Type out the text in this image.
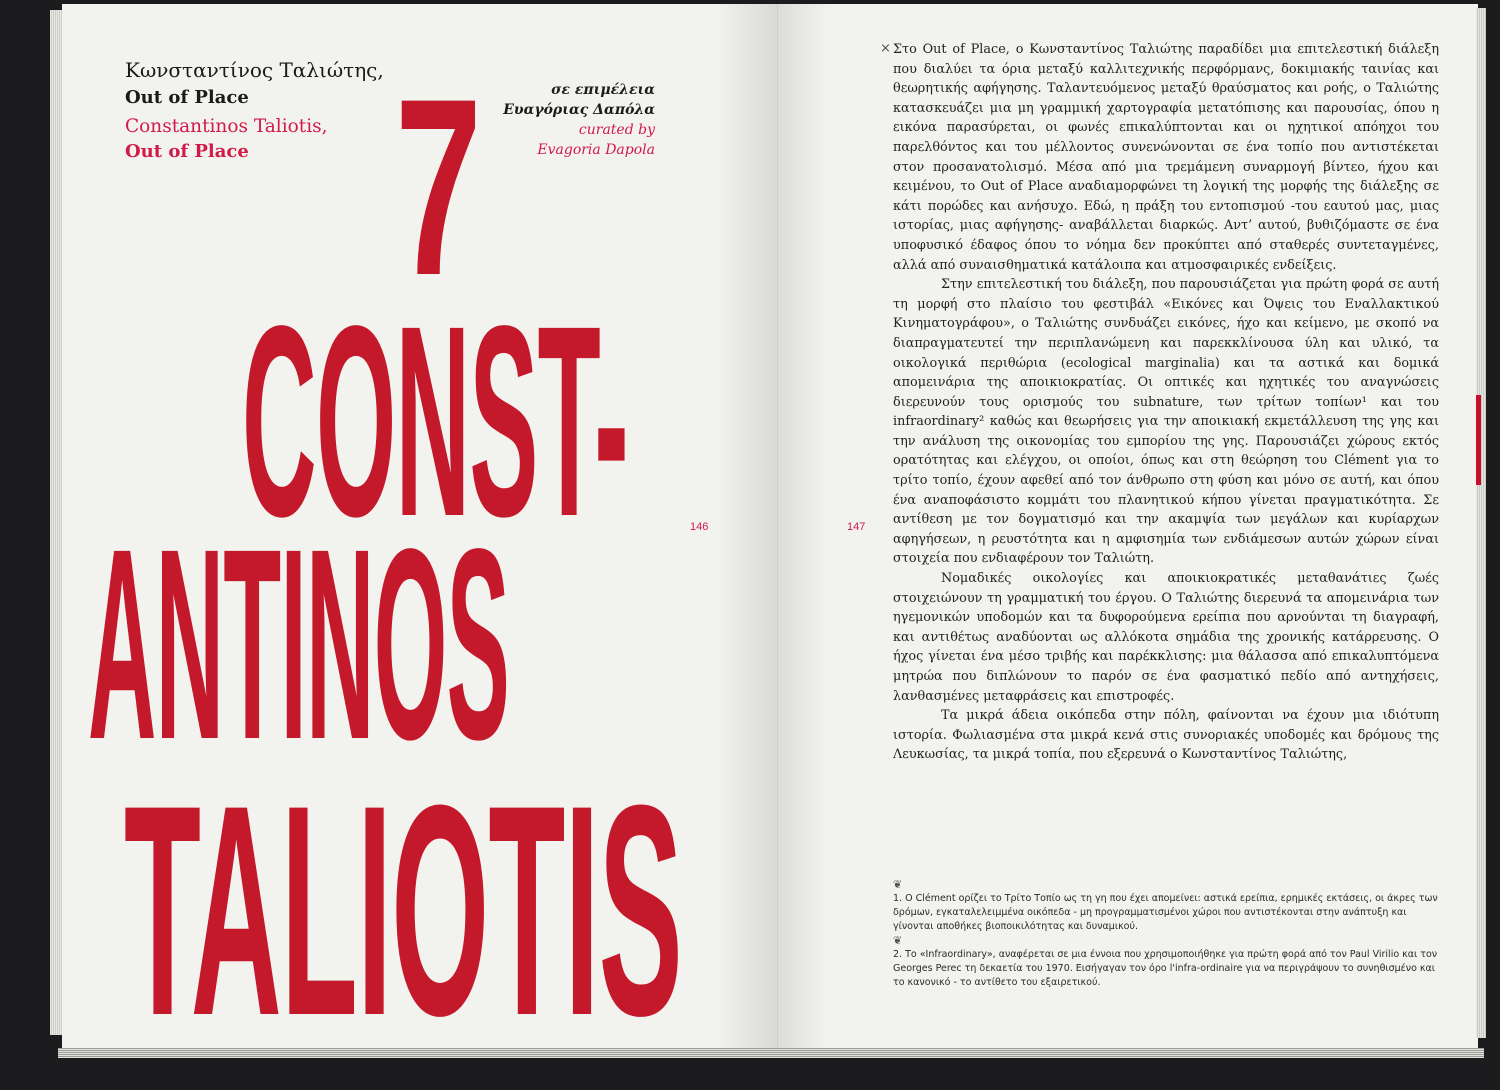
Κωνσταντίνος Ταλιώτης,
Out of Place
Constantinos Taliotis,
Out of Place
σε επιμέλεια
Ευαγόριας Δαπόλα
curated by
Evagoria Dapola
7
CONST-
ANTINOS
TALIOTIS
146	147
× Στο Out of Place, ο Κωνσταντίνος Ταλιώτης παραδίδει μια επιτελεστική διάλεξη που διαλύει τα όρια μεταξύ καλλιτεχνικής περφόρμανς, δοκιμιακής ταινίας και θεωρητικής αφήγησης. Ταλαντευόμενος μεταξύ θραύσματος και ροής, ο Ταλιώτης κατασκευάζει μια μη γραμμική χαρτογραφία μετατόπισης και παρουσίας, όπου η εικόνα παρασύρεται, οι φωνές επικαλύπτονται και οι ηχητικοί απόηχοι του παρελθόντος και του μέλλοντος συνενώνονται σε ένα τοπίο που αντιστέκεται στον προσανατολισμό. Μέσα από μια τρεμάμενη συναρμογή βίντεο, ήχου και κειμένου, το Out of Place αναδιαμορφώνει τη λογική της μορφής της διάλεξης σε κάτι πορώδες και ανήσυχο. Εδώ, η πράξη του εντοπισμού -του εαυτού μας, μιας ιστορίας, μιας αφήγησης- αναβάλλεται διαρκώς. Αντ’ αυτού, βυθιζόμαστε σε ένα υποφυσικό έδαφος όπου το νόημα δεν προκύπτει από σταθερές συντεταγμένες, αλλά από συναισθηματικά κατάλοιπα και ατμοσφαιρικές ενδείξεις.

Στην επιτελεστική του διάλεξη, που παρουσιάζεται για πρώτη φορά σε αυτή τη μορφή στο πλαίσιο του φεστιβάλ «Εικόνες και Όψεις του Εναλλακτικού Κινηματογράφου», ο Ταλιώτης συνδυάζει εικόνες, ήχο και κείμενο, με σκοπό να διαπραγματευτεί την περιπλανώμενη και παρεκκλίνουσα ύλη και υλικό, τα οικολογικά περιθώρια (ecological marginalia) και τα αστικά και δομικά απομεινάρια της αποικιοκρατίας. Οι οπτικές και ηχητικές του αναγνώσεις διερευνούν τους ορισμούς του subnature, των τρίτων τοπίων¹ και του infraordinary² καθώς και θεωρήσεις για την αποικιακή εκμετάλλευση της γης και την ανάλυση της οικονομίας του εμπορίου της γης. Παρουσιάζει χώρους εκτός ορατότητας και ελέγχου, οι οποίοι, όπως και στη θεώρηση του Clément για το τρίτο τοπίο, έχουν αφεθεί από τον άνθρωπο στη φύση και μόνο σε αυτή, και όπου ένα αναποφάσιστο κομμάτι του πλανητικού κήπου γίνεται πραγματικότητα. Σε αντίθεση με τον δογματισμό και την ακαμψία των μεγάλων και κυρίαρχων αφηγήσεων, η ρευστότητα και η αμφισημία των ενδιάμεσων αυτών χώρων είναι στοιχεία που ενδιαφέρουν τον Ταλιώτη.

Νομαδικές οικολογίες και αποικιοκρατικές μεταθανάτιες ζωές στοιχειώνουν τη γραμματική του έργου. Ο Ταλιώτης διερευνά τα απομεινάρια των ηγεμονικών υποδομών και τα δυφορούμενα ερείπια που αρνούνται τη διαγραφή, και αντιθέτως αναδύονται ως αλλόκοτα σημάδια της χρονικής κατάρρευσης. Ο ήχος γίνεται ένα μέσο τριβής και παρέκκλισης: μια θάλασσα από επικαλυπτόμενα μητρώα που διπλώνουν το παρόν σε ένα φασματικό πεδίο από αντηχήσεις, λανθασμένες μεταφράσεις και επιστροφές.

Τα μικρά άδεια οικόπεδα στην πόλη, φαίνονται να έχουν μια ιδιότυπη ιστορία. Φωλιασμένα στα μικρά κενά στις συνοριακές υποδομές και δρόμους της Λευκωσίας, τα μικρά τοπία, που εξερευνά ο Κωνσταντίνος Ταλιώτης,

❦

1. Ο Clément ορίζει το Τρίτο Τοπίο ως τη γη που έχει απομείνει: αστικά ερείπια, ερημικές εκτάσεις, οι άκρες των δρόμων, εγκαταλελειμμένα οικόπεδα - μη προγραμματισμένοι χώροι που αντιστέκονται στην ανάπτυξη και γίνονται αποθήκες βιοποικιλότητας και δυναμικού.

❦

2. Το «Infraordinary», αναφέρεται σε μια έννοια που χρησιμοποιήθηκε για πρώτη φορά από τον Paul Virilio και τον Georges Perec τη δεκαετία του 1970. Εισήγαγαν τον όρο l'infra-ordinaire για να περιγράψουν το συνηθισμένο και το κανονικό - το αντίθετο του εξαιρετικού.
